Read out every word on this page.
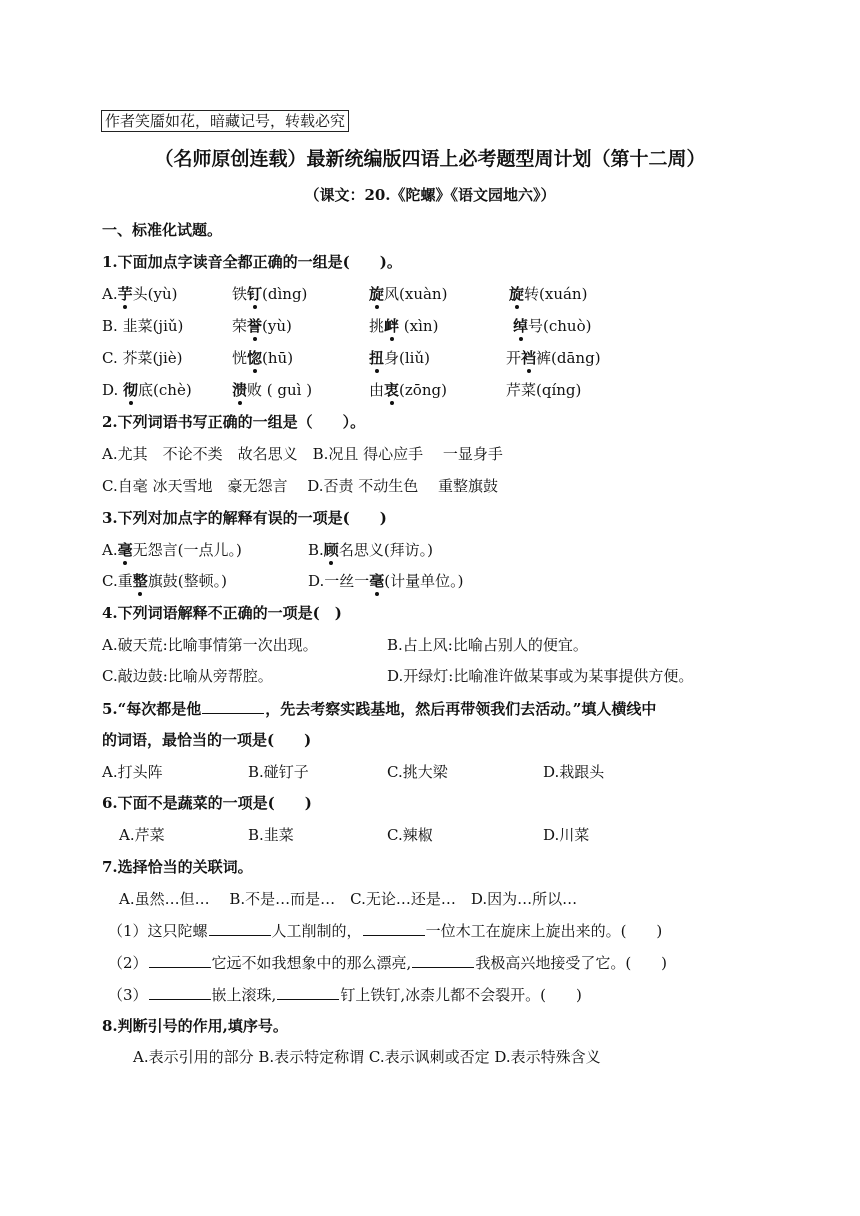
作者笑靥如花，暗藏记号，转载必究
（名师原创连载）最新统编版四语上必考题型周计划（第十二周）
（课文：20.《陀螺》《语文园地六》）
一、标准化试题。
1.下面加点字读音全都正确的一组是(　　)。
A.芋头(yù)	铁钉(dìng)	旋风(xuàn)	旋转(xuán)
B. 韭菜(jiǔ)	荣誉(yù)	挑衅 (xìn)	绰号(chuò)
C. 芥菜(jiè)	恍惚(hū)	扭身(liǔ)	开裆裤(dāng)
D. 彻底(chè)	溃败 ( guì )	由衷(zōng)	芹菜(qíng)
2.下列词语书写正确的一组是（　　）。
A.尤其　不论不类　故名思义　B.况且 得心应手　 一显身手
C.自毫 冰天雪地　豪无怨言　 D.否责 不动生色　 重整旗鼓
3.下列对加点字的解释有误的一项是(　　)
A.毫无怨言(一点儿。)	B.顾名思义(拜访。)
C.重整旗鼓(整顿。)	D.一丝一毫(计量单位。)
4.下列词语解释不正确的一项是(　)
A.破天荒:比喻事情第一次出现。	B.占上风:比喻占别人的便宜。
C.敲边鼓:比喻从旁帮腔。	D.开绿灯:比喻准许做某事或为某事提供方便。
5.“每次都是他	，先去考察实践基地，然后再带领我们去活动。”填人横线中
的词语，最恰当的一项是(　　)
A.打头阵	B.碰钉子	C.挑大梁	D.栽跟头
6.下面不是蔬菜的一项是(　　)
A.芹菜	B.韭菜	C.辣椒	D.川菜
7.选择恰当的关联词。
A.虽然…但…　 B.不是…而是…　C.无论…还是…　D.因为…所以…
（1）这只陀螺	人工削制的，	一位木工在旋床上旋出来的。(　　)
（2）	它远不如我想象中的那么漂亮,	我极高兴地接受了它。(　　)
（3）	嵌上滚珠,	钉上铁钉,冰柰儿都不会裂开。(　　)
8.判断引号的作用,填序号。
A.表示引用的部分 B.表示特定称谓 C.表示讽刺或否定 D.表示特殊含义
